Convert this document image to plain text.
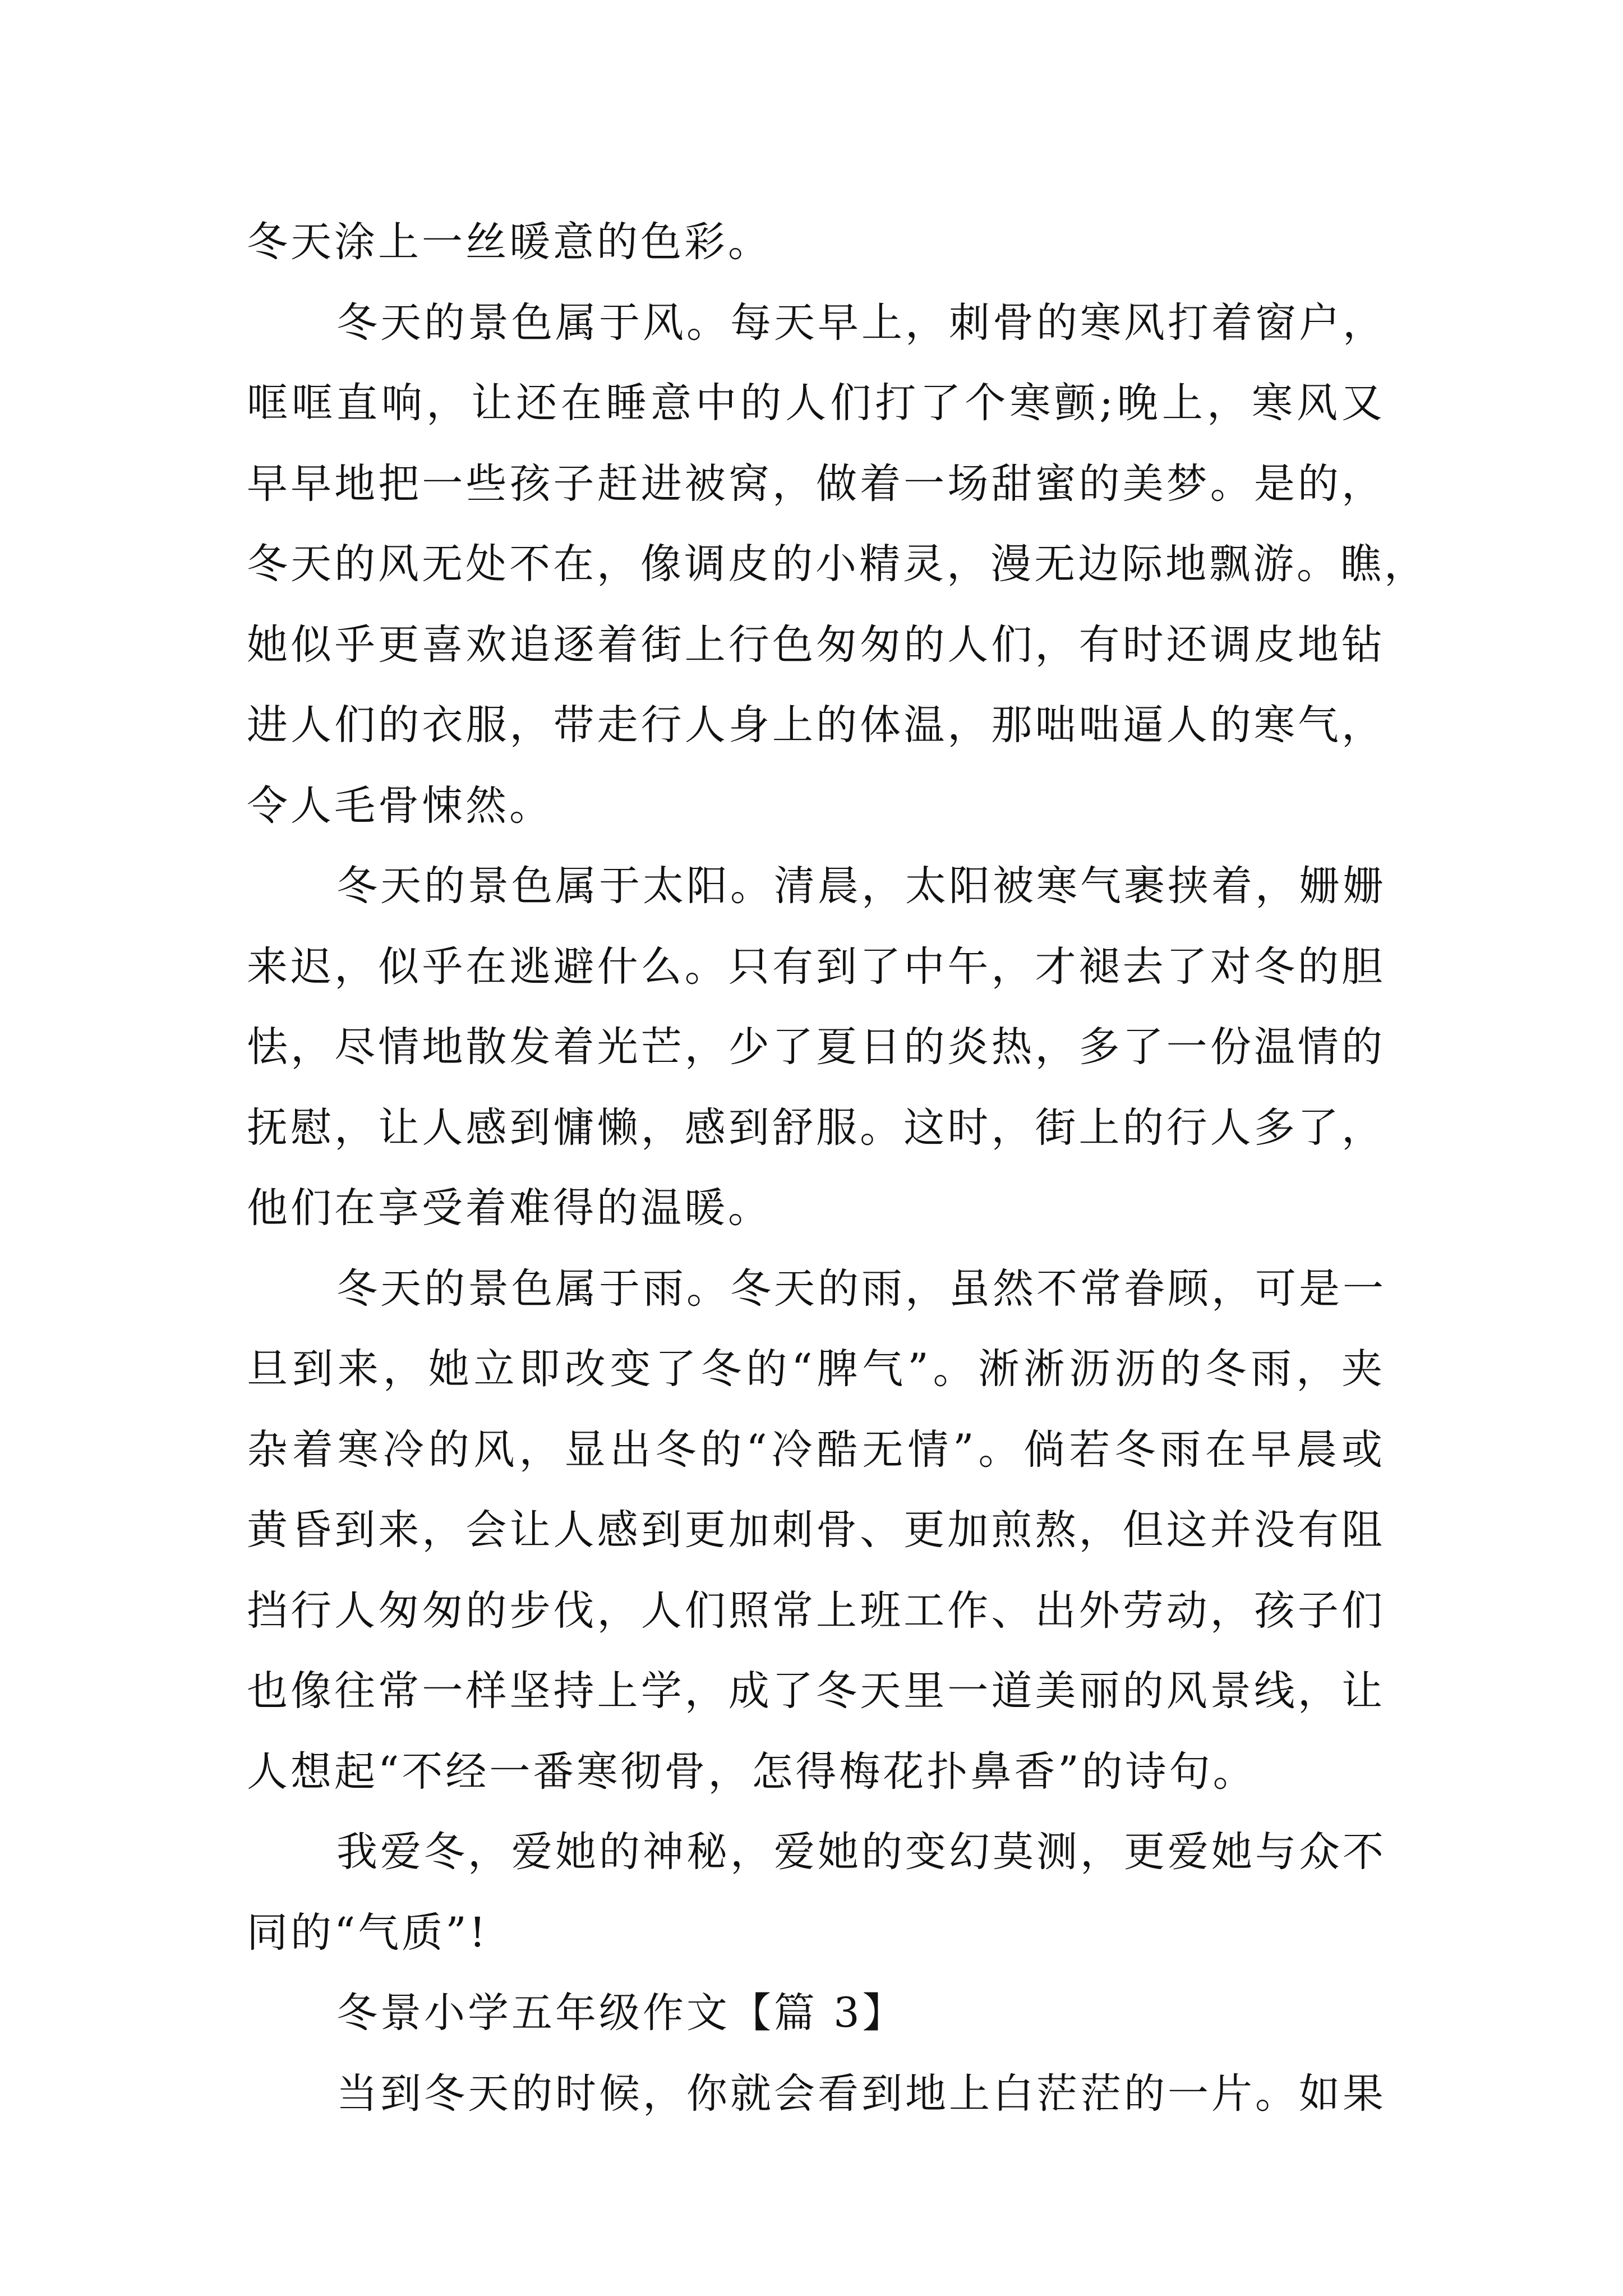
冬天涂上一丝暖意的色彩。
冬天的景色属于风。每天早上，刺骨的寒风打着窗户，
哐哐直响，让还在睡意中的人们打了个寒颤;晚上，寒风又
早早地把一些孩子赶进被窝，做着一场甜蜜的美梦。是的，
冬天的风无处不在，像调皮的小精灵，漫无边际地飘游。瞧，
她似乎更喜欢追逐着街上行色匆匆的人们，有时还调皮地钻
进人们的衣服，带走行人身上的体温，那咄咄逼人的寒气，
令人毛骨悚然。
冬天的景色属于太阳。清晨，太阳被寒气裹挟着，姗姗
来迟，似乎在逃避什么。只有到了中午，才褪去了对冬的胆
怯，尽情地散发着光芒，少了夏日的炎热，多了一份温情的
抚慰，让人感到慵懒，感到舒服。这时，街上的行人多了，
他们在享受着难得的温暖。
冬天的景色属于雨。冬天的雨，虽然不常眷顾，可是一
旦到来，她立即改变了冬的“脾气”。淅淅沥沥的冬雨，夹
杂着寒冷的风，显出冬的“冷酷无情”。倘若冬雨在早晨或
黄昏到来，会让人感到更加刺骨、更加煎熬，但这并没有阻
挡行人匆匆的步伐，人们照常上班工作、出外劳动，孩子们
也像往常一样坚持上学，成了冬天里一道美丽的风景线，让
人想起“不经一番寒彻骨，怎得梅花扑鼻香”的诗句。
我爱冬，爱她的神秘，爱她的变幻莫测，更爱她与众不
同的“气质”!
冬景小学五年级作文【篇 3】
当到冬天的时候，你就会看到地上白茫茫的一片。如果
